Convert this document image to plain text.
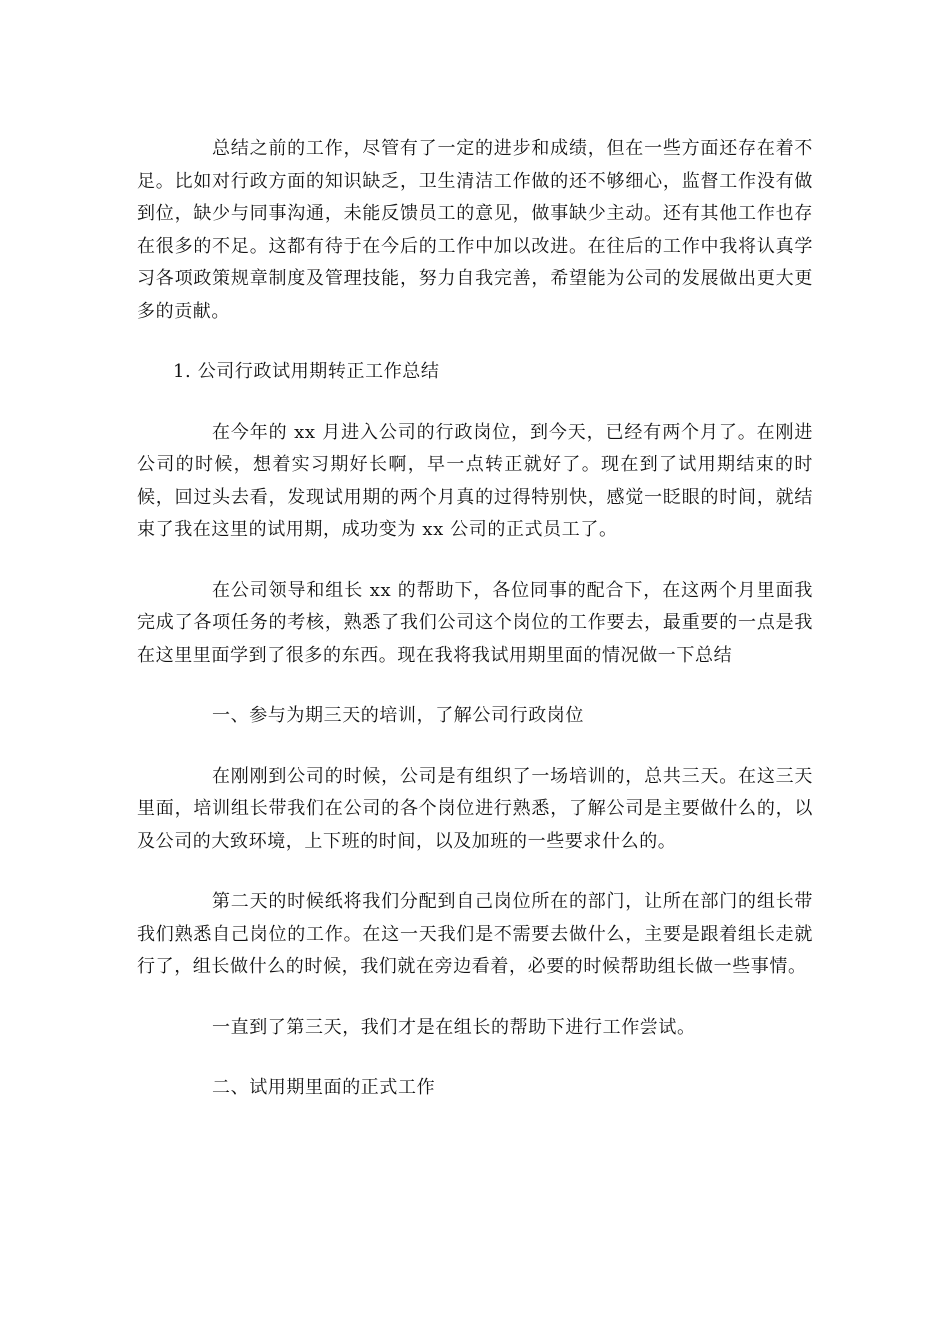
总结之前的工作，尽管有了一定的进步和成绩，但在一些方面还存在着不足。比如对行政方面的知识缺乏，卫生清洁工作做的还不够细心，监督工作没有做到位，缺少与同事沟通，未能反馈员工的意见，做事缺少主动。还有其他工作也存在很多的不足。这都有待于在今后的工作中加以改进。在往后的工作中我将认真学习各项政策规章制度及管理技能，努力自我完善，希望能为公司的发展做出更大更多的贡献。

1. 公司行政试用期转正工作总结

在今年的 xx 月进入公司的行政岗位，到今天，已经有两个月了。在刚进公司的时候，想着实习期好长啊，早一点转正就好了。现在到了试用期结束的时候，回过头去看，发现试用期的两个月真的过得特别快，感觉一眨眼的时间，就结束了我在这里的试用期，成功变为 xx 公司的正式员工了。

在公司领导和组长 xx 的帮助下，各位同事的配合下，在这两个月里面我完成了各项任务的考核，熟悉了我们公司这个岗位的工作要去，最重要的一点是我在这里里面学到了很多的东西。现在我将我试用期里面的情况做一下总结

一、参与为期三天的培训，了解公司行政岗位

在刚刚到公司的时候，公司是有组织了一场培训的，总共三天。在这三天里面，培训组长带我们在公司的各个岗位进行熟悉，了解公司是主要做什么的，以及公司的大致环境，上下班的时间，以及加班的一些要求什么的。

第二天的时候纸将我们分配到自己岗位所在的部门，让所在部门的组长带我们熟悉自己岗位的工作。在这一天我们是不需要去做什么，主要是跟着组长走就行了，组长做什么的时候，我们就在旁边看着，必要的时候帮助组长做一些事情。

一直到了第三天，我们才是在组长的帮助下进行工作尝试。

二、试用期里面的正式工作
